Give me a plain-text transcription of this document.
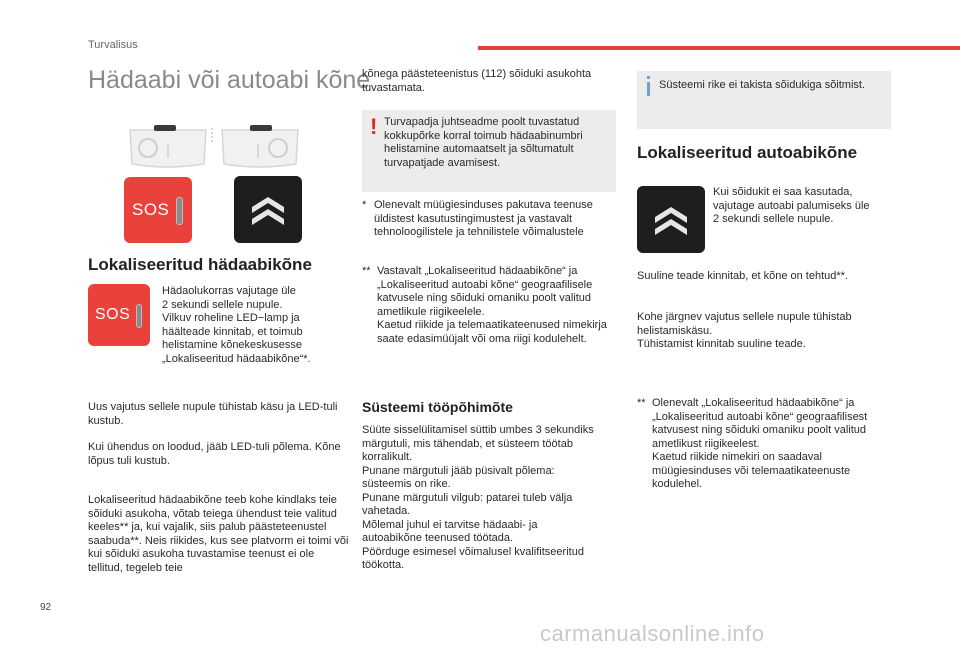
Turvalisus
Hädaabi või autoabi kõne
SOS
Lokaliseeritud hädaabikõne
SOS
Hädaolukorras vajutage üle
2 sekundi sellele nupule.
Vilkuv roheline LED−lamp ja
häälteade kinnitab, et toimub
helistamine kõnekeskusesse
„Lokaliseeritud hädaabikõne“*.
Uus vajutus sellele nupule tühistab käsu ja LED-tuli kustub.
Kui ühendus on loodud, jääb LED-tuli põlema. Kõne lõpus tuli kustub.
Lokaliseeritud hädaabikõne teeb kohe kindlaks teie sõiduki asukoha, võtab teiega ühendust teie valitud keeles** ja, kui vajalik, siis palub päästeteenustel saabuda**. Neis riikides, kus see platvorm ei toimi või kui sõiduki asukoha tuvastamise teenust ei ole tellitud, tegeleb teie
kõnega päästeteenistus (112) sõiduki asukohta tuvastamata.
! Turvapadja juhtseadme poolt tuvastatud kokkupõrke korral toimub hädaabinumbri helistamine automaatselt ja sõltumatult turvapatjade avamisest.
* Olenevalt müügiesinduses pakutava teenuse üldistest kasutustingimustest ja vastavalt tehnoloogilistele ja tehnilistele võimalustele
** Vastavalt „Lokaliseeritud hädaabikõne“ ja „Lokaliseeritud autoabi kõne“ geograafilisele katvusele ning sõiduki omaniku poolt valitud ametlikule riigikeelele.
Kaetud riikide ja telemaatikateenused nimekirja saate edasimüüjalt või oma riigi kodulehelt.
Süsteemi tööpõhimõte
Süüte sisselülitamisel süttib umbes 3 sekundiks
märgutuli, mis tähendab, et süsteem töötab
korralikult.
Punane märgutuli jääb püsivalt põlema:
süsteemis on rike.
Punane märgutuli vilgub: patarei tuleb välja
vahetada.
Mõlemal juhul ei tarvitse hädaabi- ja
autoabikõne teenused töötada.
Pöörduge esimesel võimalusel kvalifitseeritud
töökotta.
Süsteemi rike ei takista sõidukiga sõitmist.
Lokaliseeritud autoabikõne
Kui sõidukit ei saa kasutada,
vajutage autoabi palumiseks üle
2 sekundi sellele nupule.
Suuline teade kinnitab, et kõne on tehtud**.
Kohe järgnev vajutus sellele nupule tühistab
helistamiskäsu.
Tühistamist kinnitab suuline teade.
** Olenevalt „Lokaliseeritud hädaabikõne“ ja „Lokaliseeritud autoabi kõne“ geograafilisest katvusest ning sõiduki omaniku poolt valitud ametlikust riigikeelest.
Kaetud riikide nimekiri on saadaval müügiesinduses või telemaatikateenuste kodulehel.
92
carmanualsonline.info
